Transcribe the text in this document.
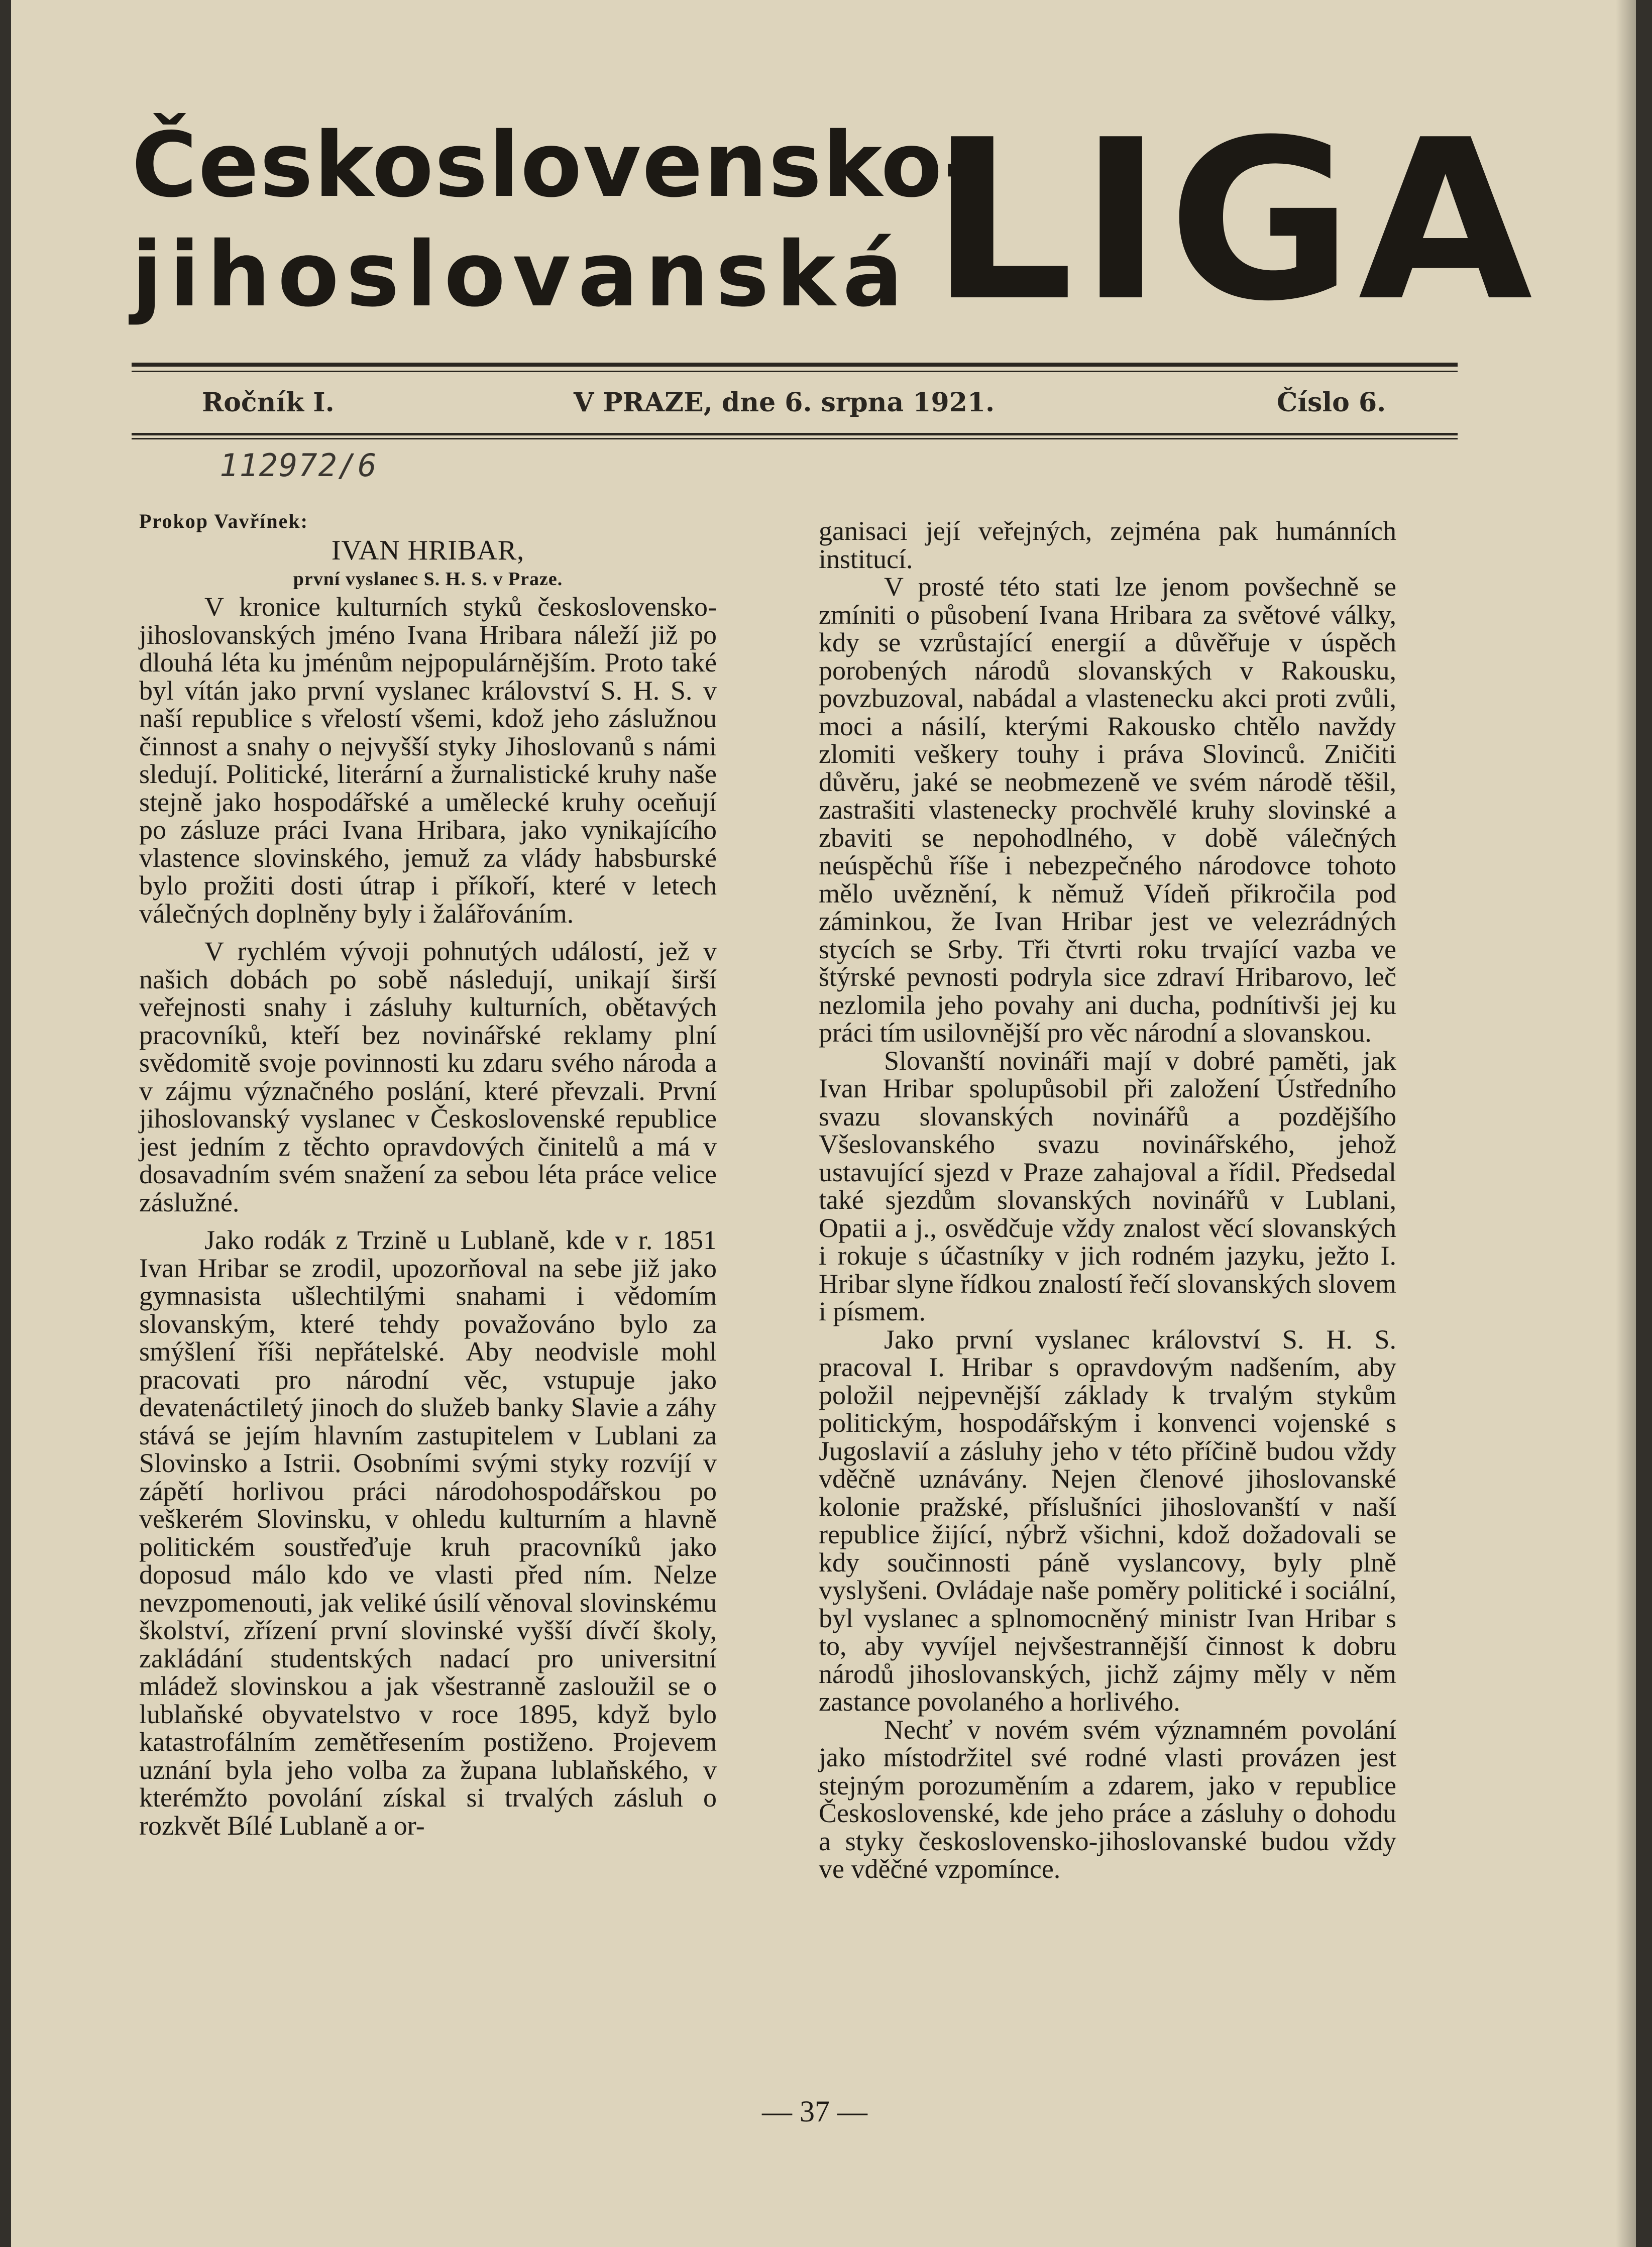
Československo-
jihoslovanská LIGA
Ročník I.	V PRAZE, dne 6. srpna 1921.	Číslo 6.
112972/6

Prokop Vavřínek:

IVAN HRIBAR,

první vyslanec S. H. S. v Praze.

V kronice kulturních styků československo-jihoslovanských jméno Ivana Hribara náleží již po dlouhá léta ku jménům nejpopulárnějším. Proto také byl vítán jako první vyslanec království S. H. S. v naší republice s vřelostí všemi, kdož jeho záslužnou činnost a snahy o nejvyšší styky Jihoslovanů s námi sledují. Politické, literární a žurnalistické kruhy naše stejně jako hospodářské a umělecké kruhy oceňují po zásluze práci Ivana Hribara, jako vynikajícího vlastence slovinského, jemuž za vlády habsburské bylo prožiti dosti útrap i příkoří, které v letech válečných doplněny byly i žalářováním.

V rychlém vývoji pohnutých událostí, jež v našich dobách po sobě následují, unikají širší veřejnosti snahy i zásluhy kulturních, obětavých pracovníků, kteří bez novinářské reklamy plní svědomitě svoje povinnosti ku zdaru svého národa a v zájmu význačného poslání, které převzali. První jihoslovanský vyslanec v Československé republice jest jedním z těchto opravdových činitelů a má v dosavadním svém snažení za sebou léta práce velice záslužné.

Jako rodák z Trzině u Lublaně, kde v r. 1851 Ivan Hribar se zrodil, upozorňoval na sebe již jako gymnasista ušlechtilými snahami i vědomím slovanským, které tehdy považováno bylo za smýšlení říši nepřátelské. Aby neodvisle mohl pracovati pro národní věc, vstupuje jako devatenáctiletý jinoch do služeb banky Slavie a záhy stává se jejím hlavním zastupitelem v Lublani za Slovinsko a Istrii. Osobními svými styky rozvíjí v zápětí horlivou práci národohospodářskou po veškerém Slovinsku, v ohledu kulturním a hlavně politickém soustřeďuje kruh pracovníků jako doposud málo kdo ve vlasti před ním. Nelze nevzpomenouti, jak veliké úsilí věnoval slovinskému školství, zřízení první slovinské vyšší dívčí školy, zakládání studentských nadací pro universitní mládež slovinskou a jak všestranně zasloužil se o lublaňské obyvatelstvo v roce 1895, když bylo katastrofálním zemětřesením postiženo. Projevem uznání byla jeho volba za župana lublaňského, v kterémžto povolání získal si trvalých zásluh o rozkvět Bílé Lublaně a or-

ganisaci její veřejných, zejména pak humánních institucí.

V prosté této stati lze jenom povšechně se zmíniti o působení Ivana Hribara za světové války, kdy se vzrůstající energií a důvěřuje v úspěch porobených národů slovanských v Rakousku, povzbuzoval, nabádal a vlastenecku akci proti zvůli, moci a násilí, kterými Rakousko chtělo navždy zlomiti veškery touhy i práva Slovinců. Zničiti důvěru, jaké se neobmezeně ve svém národě těšil, zastrašiti vlastenecky prochvělé kruhy slovinské a zbaviti se nepohodlného, v době válečných neúspěchů říše i nebezpečného národovce tohoto mělo uvěznění, k němuž Vídeň přikročila pod záminkou, že Ivan Hribar jest ve velezrádných stycích se Srby. Tři čtvrti roku trvající vazba ve štýrské pevnosti podryla sice zdraví Hribarovo, leč nezlomila jeho povahy ani ducha, podnítivši jej ku práci tím usilovnější pro věc národní a slovanskou.

Slovanští novináři mají v dobré paměti, jak Ivan Hribar spolupůsobil při založení Ústředního svazu slovanských novinářů a pozdějšího Všeslovanského svazu novinářského, jehož ustavující sjezd v Praze zahajoval a řídil. Předsedal také sjezdům slovanských novinářů v Lublani, Opatii a j., osvědčuje vždy znalost věcí slovanských i rokuje s účastníky v jich rodném jazyku, ježto I. Hribar slyne řídkou znalostí řečí slovanských slovem i písmem.

Jako první vyslanec království S. H. S. pracoval I. Hribar s opravdovým nadšením, aby položil nejpevnější základy k trvalým stykům politickým, hospodářským i konvenci vojenské s Jugoslavií a zásluhy jeho v této příčině budou vždy vděčně uznávány. Nejen členové jihoslovanské kolonie pražské, příslušníci jihoslovanští v naší republice žijící, nýbrž všichni, kdož dožadovali se kdy součinnosti páně vyslancovy, byly plně vyslyšeni. Ovládaje naše poměry politické i sociální, byl vyslanec a splnomocněný ministr Ivan Hribar s to, aby vyvíjel nejvšestrannější činnost k dobru národů jihoslovanských, jichž zájmy měly v něm zastance povolaného a horlivého.

Nechť v novém svém významném povolání jako místodržitel své rodné vlasti provázen jest stejným porozuměním a zdarem, jako v republice Československé, kde jeho práce a zásluhy o dohodu a styky československo-jihoslovanské budou vždy ve vděčné vzpomínce.

— 37 —
